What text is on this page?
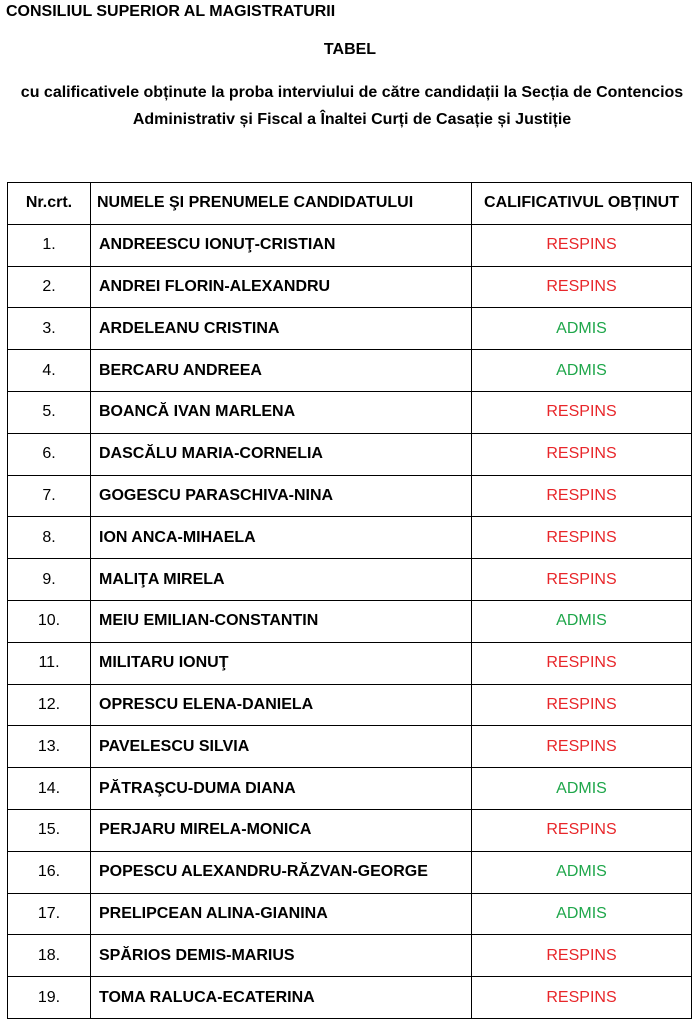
CONSILIUL SUPERIOR AL MAGISTRATURII
TABEL
cu calificativele obținute la proba interviului de către candidații la Secția de Contencios Administrativ și Fiscal a Înaltei Curți de Casație și Justiție
Nr.crt.	NUMELE ŞI PRENUMELE CANDIDATULUI	CALIFICATIVUL OBȚINUT
1.	ANDREESCU IONUŢ-CRISTIAN	RESPINS
2.	ANDREI FLORIN-ALEXANDRU	RESPINS
3.	ARDELEANU CRISTINA	ADMIS
4.	BERCARU ANDREEA	ADMIS
5.	BOANCĂ IVAN MARLENA	RESPINS
6.	DASCĂLU MARIA-CORNELIA	RESPINS
7.	GOGESCU PARASCHIVA-NINA	RESPINS
8.	ION ANCA-MIHAELA	RESPINS
9.	MALIŢA MIRELA	RESPINS
10.	MEIU EMILIAN-CONSTANTIN	ADMIS
11.	MILITARU IONUŢ	RESPINS
12.	OPRESCU ELENA-DANIELA	RESPINS
13.	PAVELESCU SILVIA	RESPINS
14.	PĂTRAŞCU-DUMA DIANA	ADMIS
15.	PERJARU MIRELA-MONICA	RESPINS
16.	POPESCU ALEXANDRU-RĂZVAN-GEORGE	ADMIS
17.	PRELIPCEAN ALINA-GIANINA	ADMIS
18.	SPĂRIOS DEMIS-MARIUS	RESPINS
19.	TOMA RALUCA-ECATERINA	RESPINS
